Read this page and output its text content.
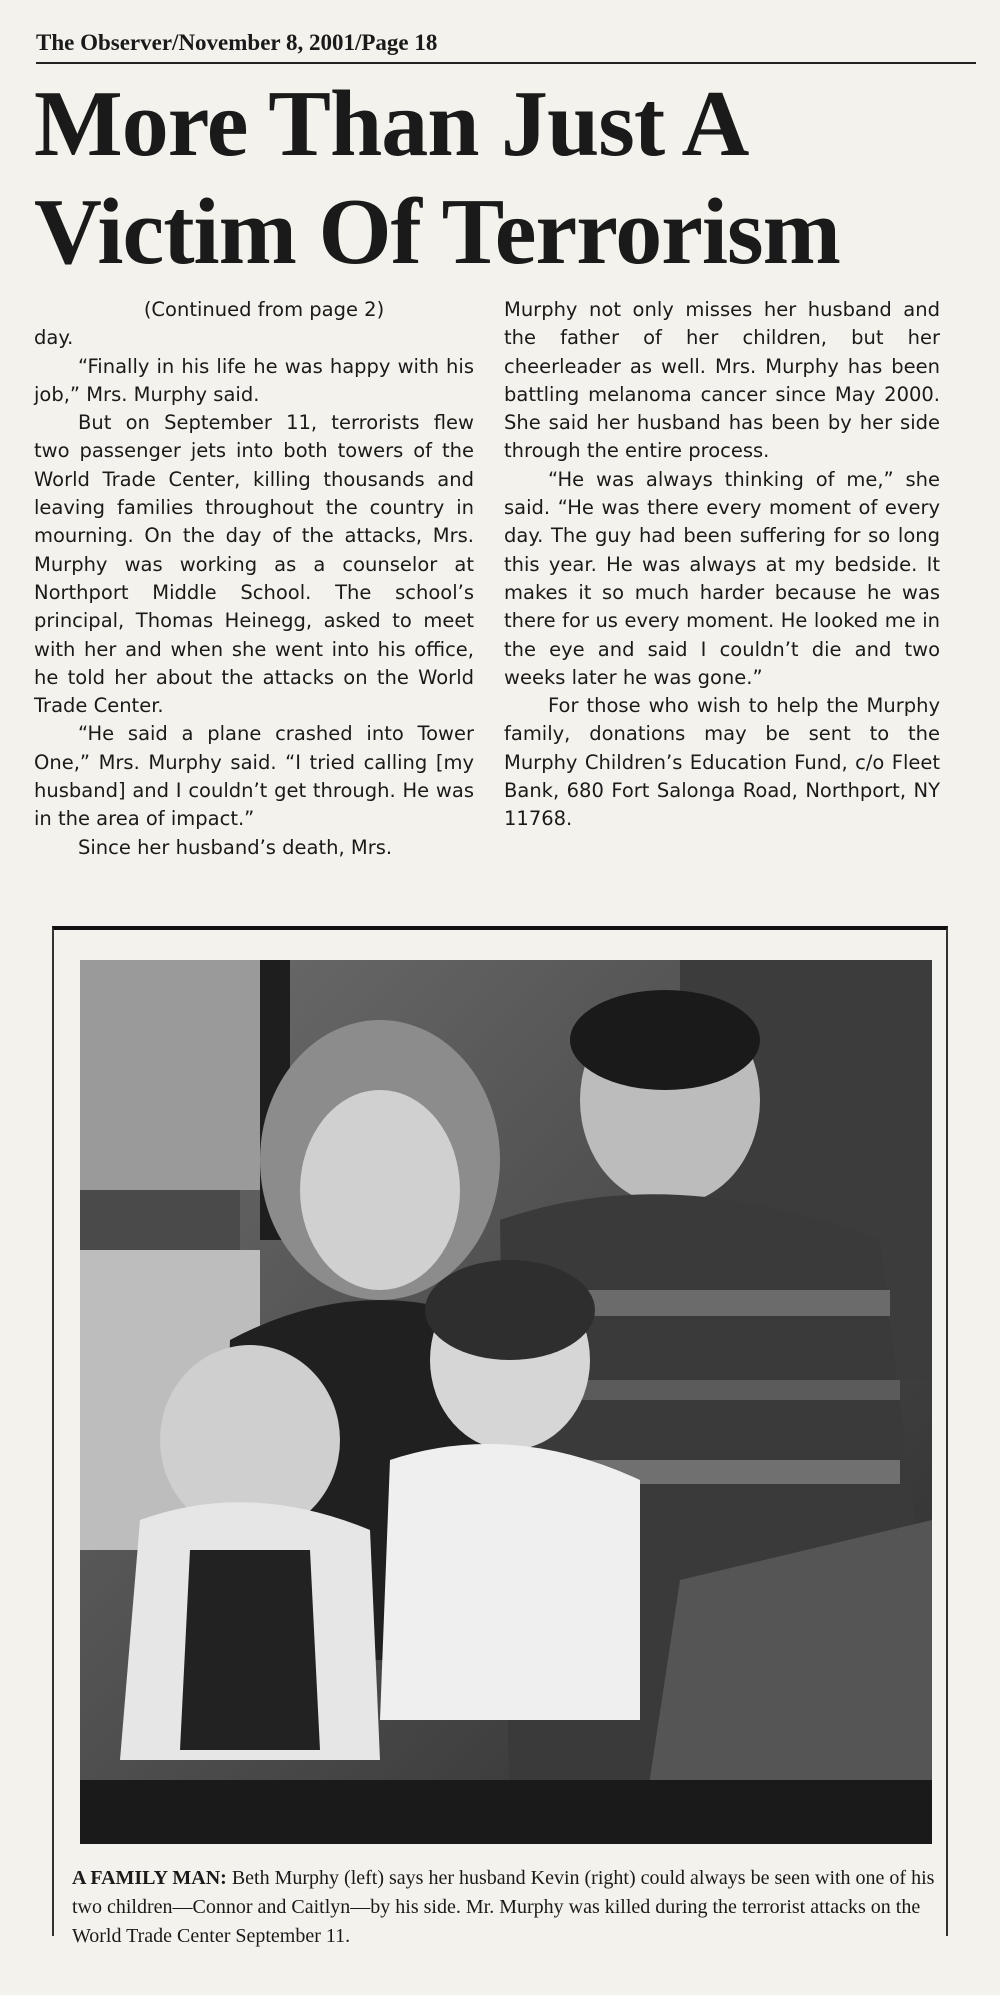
The Observer/November 8, 2001/Page 18
More Than Just A
Victim Of Terrorism

(Continued from page 2)

day.

“Finally in his life he was happy with his job,” Mrs. Murphy said.

But on September 11, terrorists flew two passenger jets into both towers of the World Trade Center, killing thousands and leaving families throughout the country in mourning. On the day of the attacks, Mrs. Murphy was working as a counselor at Northport Middle School. The school’s principal, Thomas Heinegg, asked to meet with her and when she went into his office, he told her about the attacks on the World Trade Center.

“He said a plane crashed into Tower One,” Mrs. Murphy said. “I tried calling [my husband] and I couldn’t get through. He was in the area of impact.”

Since her husband’s death, Mrs.

Murphy not only misses her husband and the father of her children, but her cheerleader as well. Mrs. Murphy has been battling melanoma cancer since May 2000. She said her husband has been by her side through the entire process.

“He was always thinking of me,” she said. “He was there every moment of every day. The guy had been suffering for so long this year. He was always at my bedside. It makes it so much harder because he was there for us every moment. He looked me in the eye and said I couldn’t die and two weeks later he was gone.”

For those who wish to help the Murphy family, donations may be sent to the Murphy Children’s Education Fund, c/o Fleet Bank, 680 Fort Salonga Road, Northport, NY 11768.

A FAMILY MAN: Beth Murphy (left) says her husband Kevin (right) could always be seen with one of his two children—Connor and Caitlyn—by his side. Mr. Murphy was killed during the terrorist attacks on the World Trade Center September 11.
